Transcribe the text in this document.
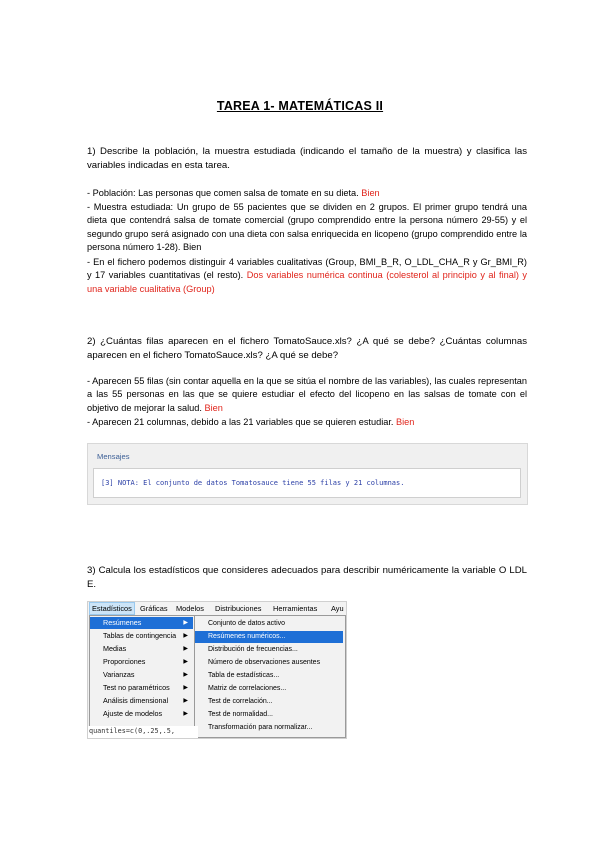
TAREA 1- MATEMÁTICAS II
1) Describe la población, la muestra estudiada (indicando el tamaño de la muestra) y clasifica las variables indicadas en esta tarea.
- Población: Las personas que comen salsa de tomate en su dieta. Bien
- Muestra estudiada: Un grupo de 55 pacientes que se dividen en 2 grupos. El primer grupo tendrá una dieta que contendrá salsa de tomate comercial (grupo comprendido entre la persona número 29-55) y el segundo grupo será asignado con una dieta con salsa enriquecida en licopeno (grupo comprendido entre la persona número 1-28). Bien
- En el fichero podemos distinguir 4 variables cualitativas (Group, BMI_B_R, O_LDL_CHA_R y Gr_BMI_R) y 17 variables cuantitativas (el resto). Dos variables numérica continua (colesterol al principio y al final) y una variable cualitativa (Group)
2) ¿Cuántas filas aparecen en el fichero TomatoSauce.xls? ¿A qué se debe? ¿Cuántas columnas aparecen en el fichero TomatoSauce.xls? ¿A qué se debe?
- Aparecen 55 filas (sin contar aquella en la que se sitúa el nombre de las variables), las cuales representan a las 55 personas en las que se quiere estudiar el efecto del licopeno en las salsas de tomate con el objetivo de mejorar la salud. Bien
- Aparecen 21 columnas, debido a las 21 variables que se quieren estudiar. Bien
Mensajes
[3] NOTA: El conjunto de datos Tomatosauce tiene 55 filas y 21 columnas.
3) Calcula los estadísticos que consideres adecuados para describir numéricamente la variable O LDL E.
Estadísticos	Gráficas Modelos Distribuciones Herramientas Ayu
Resúmenes	▶
Tablas de contingencia ▶
Medias	▶
Proporciones	▶
Varianzas	▶
Test no paramétricos ▶
Análisis dimensional	▶
Ajuste de modelos	▶
Conjunto de datos activo
Resúmenes numéricos...
Distribución de frecuencias...
Número de observaciones ausentes
Tabla de estadísticas...
Matriz de correlaciones...
Test de correlación...
Test de normalidad...
Transformación para normalizar...
quantiles=c(0,.25,.5,
